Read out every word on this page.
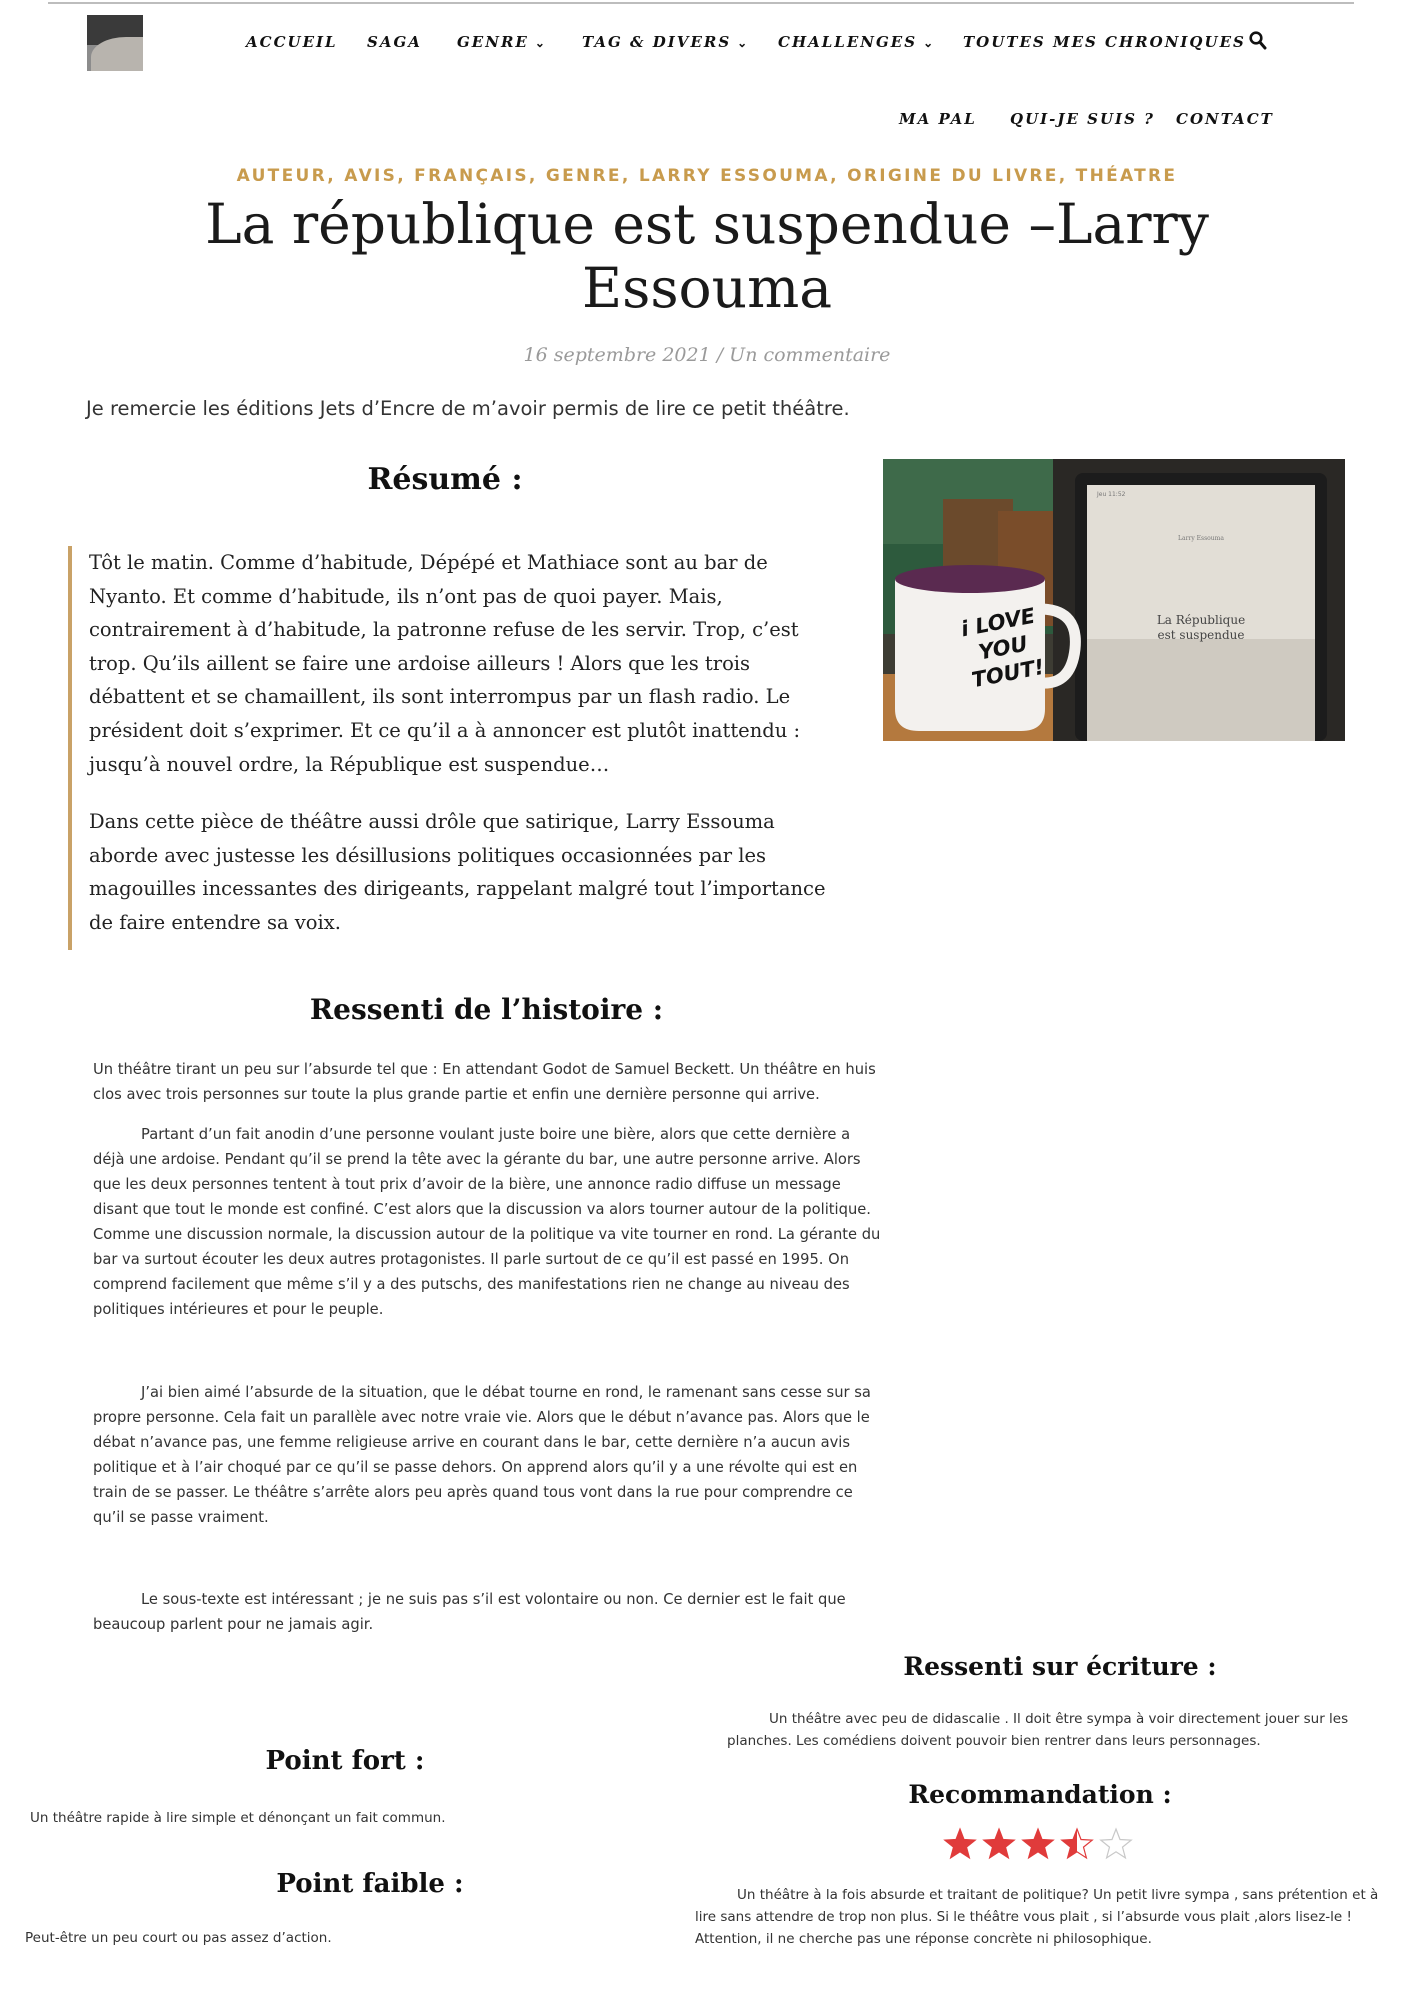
ACCUEIL SAGA GENRE ⌄ TAG & DIVERS ⌄ CHALLENGES ⌄ TOUTES MES CHRONIQUES
MA PAL QUI-JE SUIS ? CONTACT
AUTEUR, AVIS, FRANÇAIS, GENRE, LARRY ESSOUMA, ORIGINE DU LIVRE, THÉATRE
La république est suspendue –Larry Essouma
16 septembre 2021 / Un commentaire
Je remercie les éditions Jets d’Encre de m’avoir permis de lire ce petit théâtre.
Résumé :

Tôt le matin. Comme d’habitude, Dépépé et Mathiace sont au bar de Nyanto. Et comme d’habitude, ils n’ont pas de quoi payer. Mais, contrairement à d’habitude, la patronne refuse de les servir. Trop, c’est trop. Qu’ils aillent se faire une ardoise ailleurs ! Alors que les trois débattent et se chamaillent, ils sont interrompus par un flash radio. Le président doit s’exprimer. Et ce qu’il a à annoncer est plutôt inattendu : jusqu’à nouvel ordre, la République est suspendue…

Dans cette pièce de théâtre aussi drôle que satirique, Larry Essouma aborde avec justesse les désillusions politiques occasionnées par les magouilles incessantes des dirigeants, rappelant malgré tout l’importance de faire entendre sa voix.

i LOVE
YOU
TOUT!
Jeu 11:52
Larry Essouma
La République
est suspendue
Ressenti de l’histoire :

Un théâtre tirant un peu sur l’absurde tel que : En attendant Godot de Samuel Beckett. Un théâtre en huis clos avec trois personnes sur toute la plus grande partie et enfin une dernière personne qui arrive.

Partant d’un fait anodin d’une personne voulant juste boire une bière, alors que cette dernière a déjà une ardoise. Pendant qu’il se prend la tête avec la gérante du bar, une autre personne arrive. Alors que les deux personnes tentent à tout prix d’avoir de la bière, une annonce radio diffuse un message disant que tout le monde est confiné. C’est alors que la discussion va alors tourner autour de la politique. Comme une discussion normale, la discussion autour de la politique va vite tourner en rond. La gérante du bar va surtout écouter les deux autres protagonistes. Il parle surtout de ce qu’il est passé en 1995. On comprend facilement que même s’il y a des putschs, des manifestations rien ne change au niveau des politiques intérieures et pour le peuple.

J’ai bien aimé l’absurde de la situation, que le débat tourne en rond, le ramenant sans cesse sur sa propre personne. Cela fait un parallèle avec notre vraie vie. Alors que le début n’avance pas. Alors que le débat n’avance pas, une femme religieuse arrive en courant dans le bar, cette dernière n’a aucun avis politique et à l’air choqué par ce qu’il se passe dehors. On apprend alors qu’il y a une révolte qui est en train de se passer. Le théâtre s’arrête alors peu après quand tous vont dans la rue pour comprendre ce qu’il se passe vraiment.

Le sous-texte est intéressant ; je ne suis pas s’il est volontaire ou non. Ce dernier est le fait que beaucoup parlent pour ne jamais agir.

Ressenti sur écriture :

Un théâtre avec peu de didascalie . Il doit être sympa à voir directement jouer sur les planches. Les comédiens doivent pouvoir bien rentrer dans leurs personnages.

Point fort :

Un théâtre rapide à lire simple et dénonçant un fait commun.

Recommandation :
Point faible :

Peut-être un peu court ou pas assez d’action.

Un théâtre à la fois absurde et traitant de politique? Un petit livre sympa , sans prétention et à lire sans attendre de trop non plus. Si le théâtre vous plait , si l’absurde vous plait ,alors lisez-le ! Attention, il ne cherche pas une réponse concrète ni philosophique.
